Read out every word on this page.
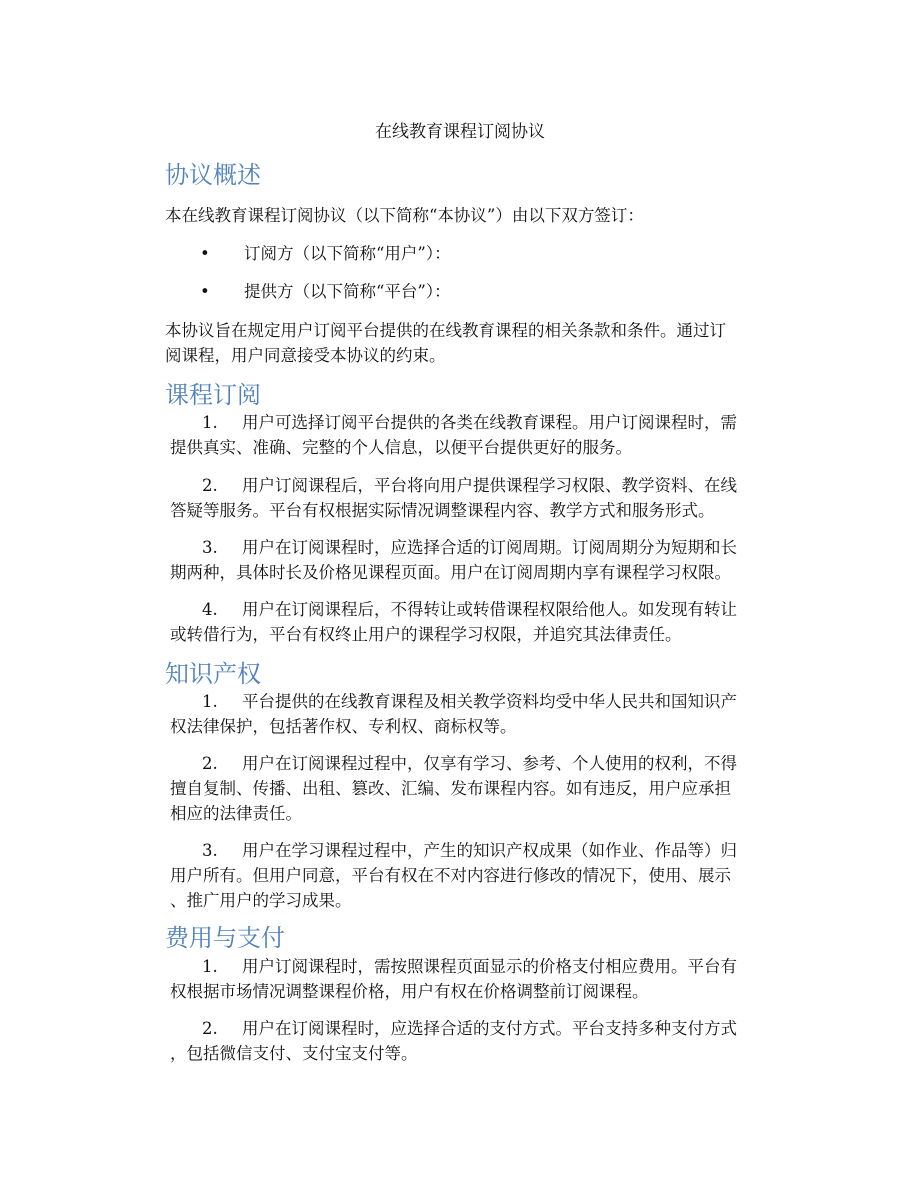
在线教育课程订阅协议
协议概述
本在线教育课程订阅协议（以下简称“本协议”）由以下双方签订：
• 订阅方（以下简称“用户”）：
• 提供方（以下简称“平台”）：
本协议旨在规定用户订阅平台提供的在线教育课程的相关条款和条件。通过订
阅课程，用户同意接受本协议的约束。
课程订阅
1. 用户可选择订阅平台提供的各类在线教育课程。用户订阅课程时，需
提供真实、准确、完整的个人信息，以便平台提供更好的服务。
2. 用户订阅课程后，平台将向用户提供课程学习权限、教学资料、在线
答疑等服务。平台有权根据实际情况调整课程内容、教学方式和服务形式。
3. 用户在订阅课程时，应选择合适的订阅周期。订阅周期分为短期和长
期两种，具体时长及价格见课程页面。用户在订阅周期内享有课程学习权限。
4. 用户在订阅课程后，不得转让或转借课程权限给他人。如发现有转让
或转借行为，平台有权终止用户的课程学习权限，并追究其法律责任。
知识产权
1. 平台提供的在线教育课程及相关教学资料均受中华人民共和国知识产
权法律保护，包括著作权、专利权、商标权等。
2. 用户在订阅课程过程中，仅享有学习、参考、个人使用的权利，不得
擅自复制、传播、出租、篡改、汇编、发布课程内容。如有违反，用户应承担
相应的法律责任。
3. 用户在学习课程过程中，产生的知识产权成果（如作业、作品等）归
用户所有。但用户同意，平台有权在不对内容进行修改的情况下，使用、展示
、推广用户的学习成果。
费用与支付
1. 用户订阅课程时，需按照课程页面显示的价格支付相应费用。平台有
权根据市场情况调整课程价格，用户有权在价格调整前订阅课程。
2. 用户在订阅课程时，应选择合适的支付方式。平台支持多种支付方式
，包括微信支付、支付宝支付等。
